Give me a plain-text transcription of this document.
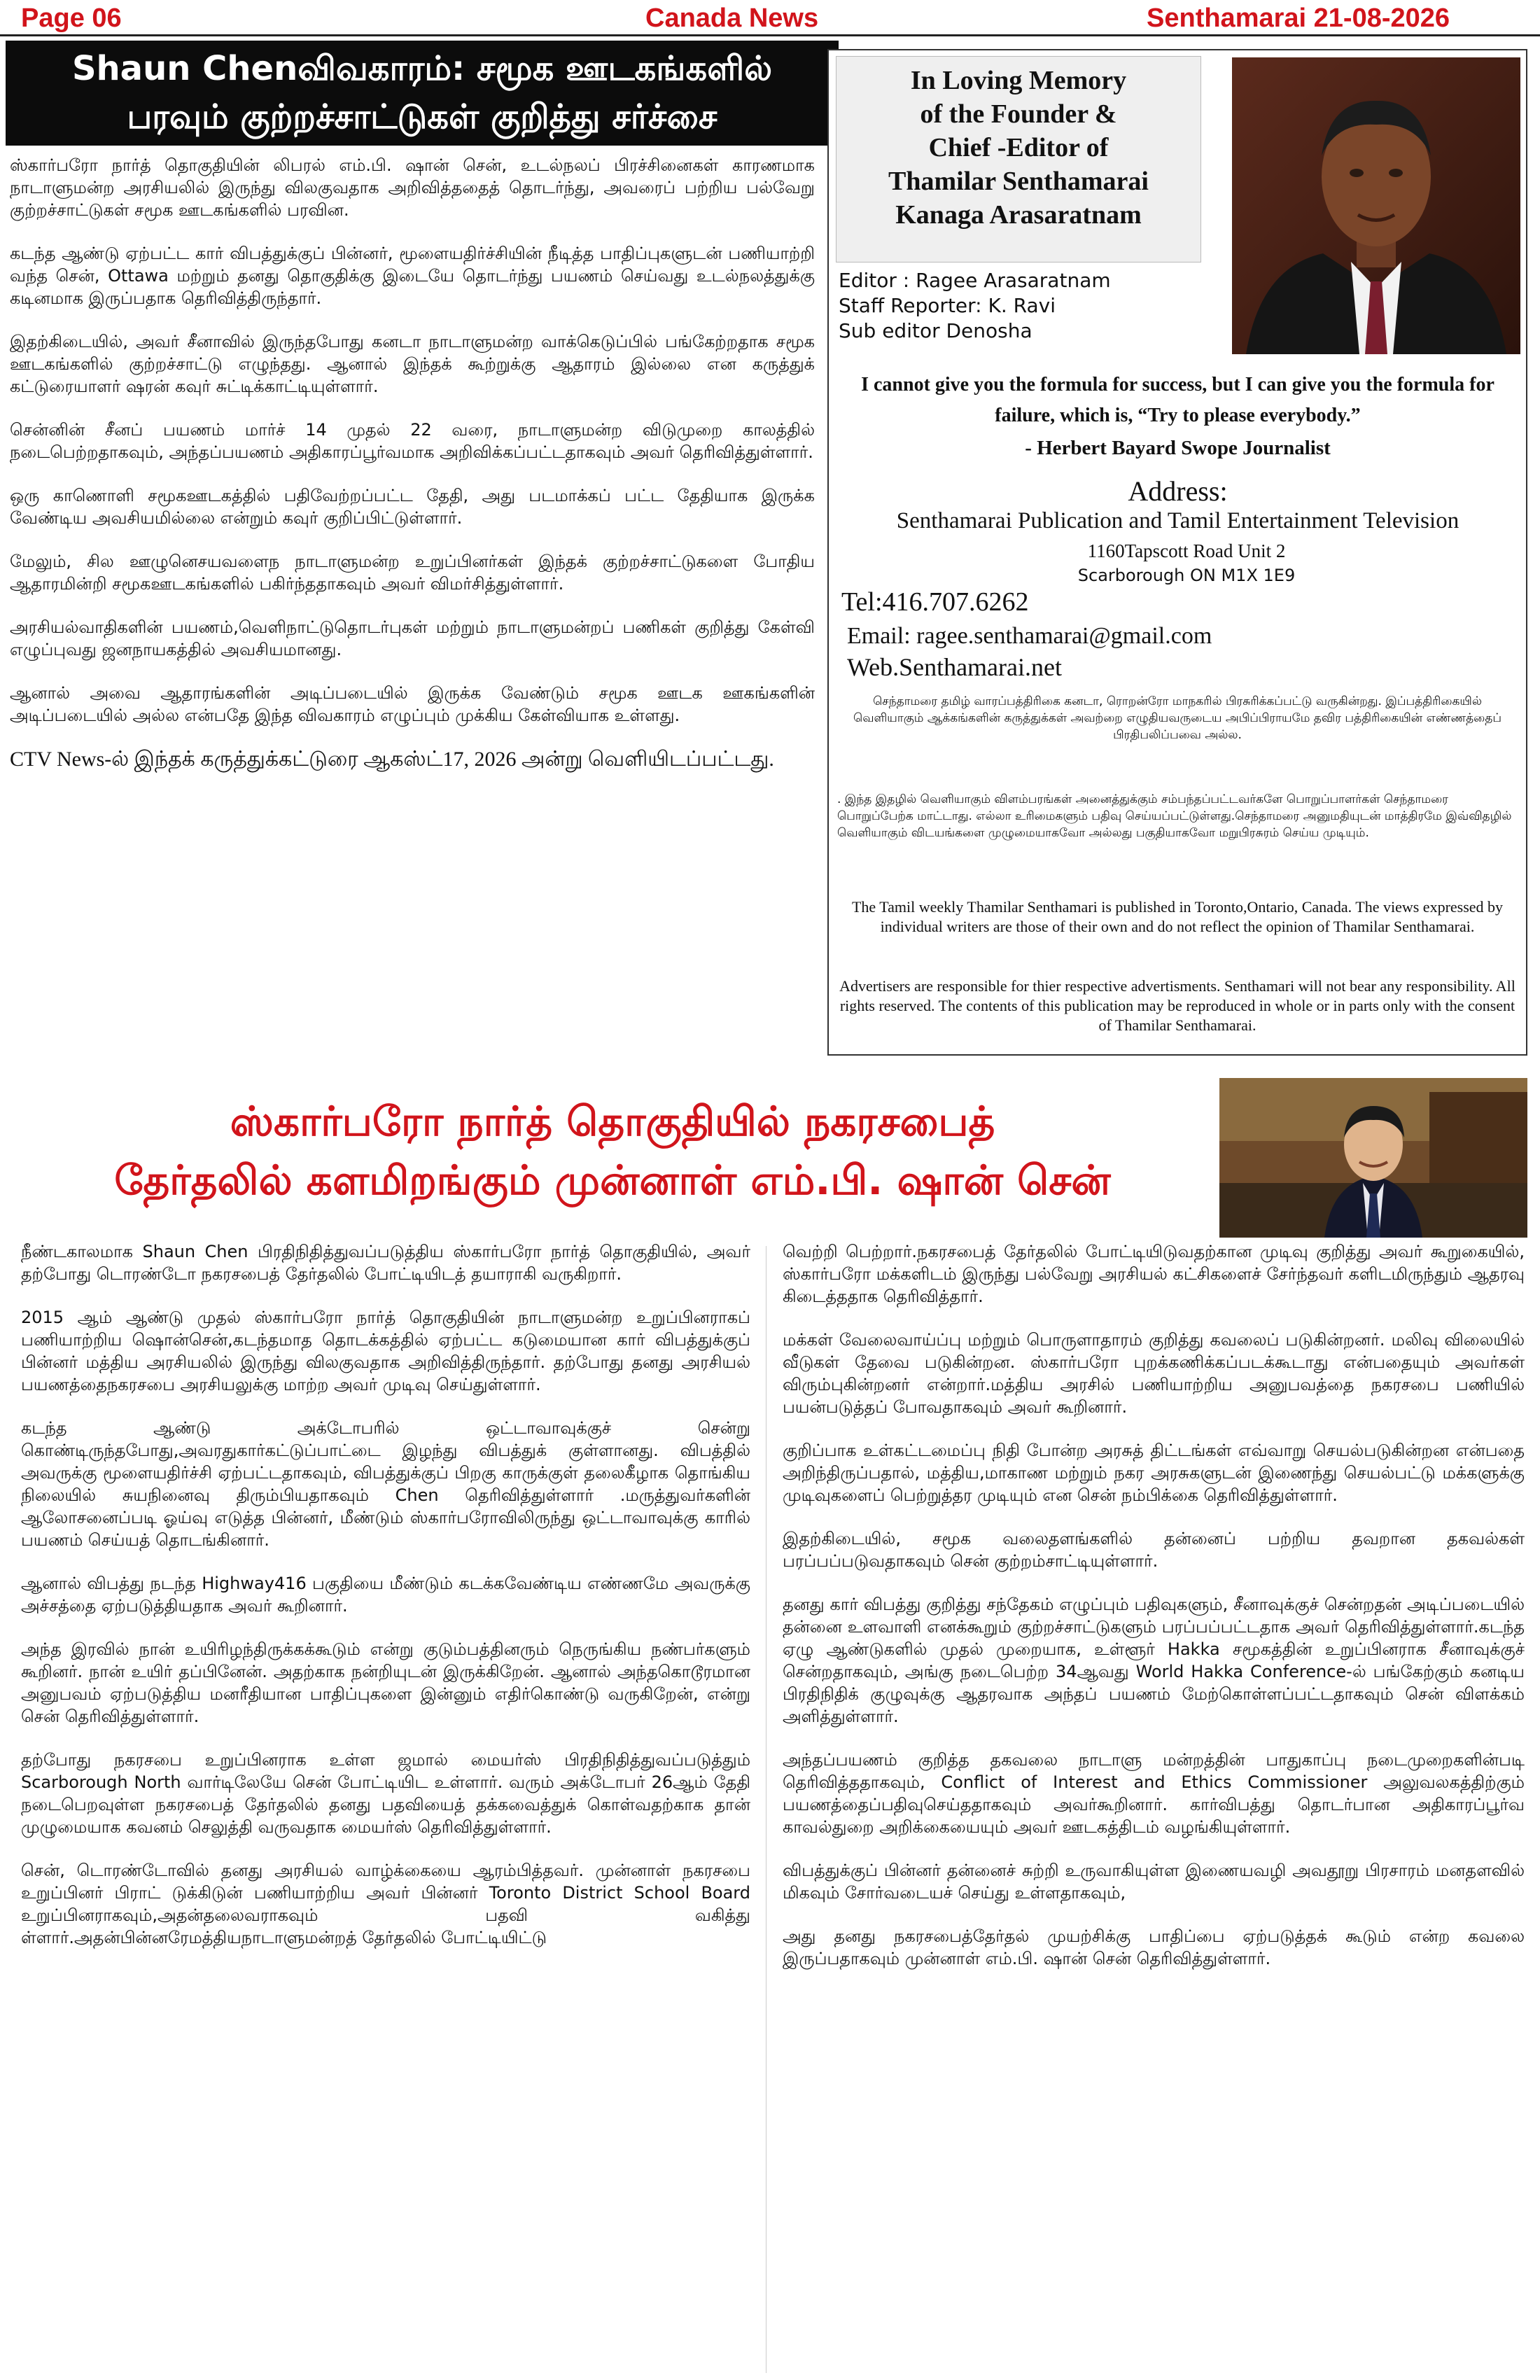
Page 06	Canada News	Senthamarai 21-08-2026
Shaun Chenவிவகாரம்: சமூக ஊடகங்களில்
பரவும் குற்றச்சாட்டுகள் குறித்து சர்ச்சை

ஸ்கார்பரோ நார்த் தொகுதியின் லிபரல் எம்.பி. ஷான் சென், உடல்நலப் பிரச்சினைகள் காரணமாக நாடாளுமன்ற அரசியலில் இருந்து விலகுவதாக அறிவித்ததைத் தொடர்ந்து, அவரைப் பற்றிய பல்வேறு குற்றச்சாட்டுகள் சமூக ஊடகங்களில் பரவின.

கடந்த ஆண்டு ஏற்பட்ட கார் விபத்துக்குப் பின்னர், மூளையதிர்ச்சியின் நீடித்த பாதிப்புகளுடன் பணியாற்றி வந்த சென், Ottawa மற்றும் தனது தொகுதிக்கு இடையே தொடர்ந்து பயணம் செய்வது உடல்நலத்துக்கு கடினமாக இருப்பதாக தெரிவித்திருந்தார்.

இதற்கிடையில், அவர் சீனாவில் இருந்தபோது கனடா நாடாளுமன்ற வாக்கெடுப்பில் பங்கேற்றதாக சமூக ஊடகங்களில் குற்றச்சாட்டு எழுந்தது. ஆனால் இந்தக் கூற்றுக்கு ஆதாரம் இல்லை என கருத்துக் கட்டுரையாளர் ஷரன் கவுர் சுட்டிக்காட்டியுள்ளார்.

சென்னின் சீனப் பயணம் மார்ச் 14 முதல் 22 வரை, நாடாளுமன்ற விடுமுறை காலத்தில் நடைபெற்றதாகவும், அந்தப்பயணம் அதிகாரப்பூர்வமாக அறிவிக்கப்பட்டதாகவும் அவர் தெரிவித்துள்ளார்.

ஒரு காணொளி சமூகஊடகத்தில் பதிவேற்றப்பட்ட தேதி, அது படமாக்கப் பட்ட தேதியாக இருக்க வேண்டிய அவசியமில்லை என்றும் கவுர் குறிப்பிட்டுள்ளார்.

மேலும், சில ஊழுனெசயவளைந நாடாளுமன்ற உறுப்பினர்கள் இந்தக் குற்றச்சாட்டுகளை போதிய ஆதாரமின்றி சமூகஊடகங்களில் பகிர்ந்ததாகவும் அவர் விமர்சித்துள்ளார்.

அரசியல்வாதிகளின் பயணம்,வெளிநாட்டுதொடர்புகள் மற்றும் நாடாளுமன்றப் பணிகள் குறித்து கேள்வி எழுப்புவது ஜனநாயகத்தில் அவசியமானது.

ஆனால் அவை ஆதாரங்களின் அடிப்படையில் இருக்க வேண்டும் சமூக ஊடக ஊகங்களின் அடிப்படையில் அல்ல என்பதே இந்த விவகாரம் எழுப்பும் முக்கிய கேள்வியாக உள்ளது.

CTV News-ல் இந்தக் கருத்துக்கட்டுரை ஆகஸ்ட்17, 2026 அன்று வெளியிடப்பட்டது.

In Loving Memory
of the Founder &
Chief -Editor of
Thamilar Senthamarai
Kanaga Arasaratnam
Editor : Ragee Arasaratnam
Staff Reporter: K. Ravi
Sub editor Denosha
I cannot give you the formula for success, but I can give you the formula for failure, which is, “Try to please everybody.”
- Herbert Bayard Swope Journalist
Address:
Senthamarai Publication and Tamil Entertainment Television
1160Tapscott Road Unit 2
Scarborough ON M1X 1E9
Tel:416.707.6262
Email: ragee.senthamarai@gmail.com
Web.Senthamarai.net
செந்தாமரை தமிழ் வாரப்பத்திரிகை கனடா, ரொறன்ரோ மாநகரில் பிரசுரிக்கப்பட்டு வருகின்றது. இப்பத்திரிகையில் வெளியாகும் ஆக்கங்களின் கருத்துக்கள் அவற்றை எழுதியவருடைய அபிப்பிராயமே தவிர பத்திரிகையின் எண்ணத்தைப் பிரதிபலிப்பவை அல்ல.
. இந்த இதழில் வெளியாகும் விளம்பரங்கள் அனைத்துக்கும் சம்பந்தப்பட்டவர்களே பொறுப்பாளர்கள் செந்தாமரை பொறுப்பேற்க மாட்டாது. எல்லா உரிமைகளும் பதிவு செய்யப்பட்டுள்ளது.செந்தாமரை அனுமதியுடன் மாத்திரமே இவ்விதழில் வெளியாகும் விடயங்களை முழுமையாகவோ அல்லது பகுதியாகவோ மறுபிரசுரம் செய்ய முடியும்.
The Tamil weekly Thamilar Senthamari is published in Toronto,Ontario, Canada. The views expressed by individual writers are those of their own and do not reflect the opinion of Thamilar Senthamarai.
Advertisers are responsible for thier respective advertisments. Senthamari will not bear any responsibility. All rights reserved. The contents of this publication may be reproduced in whole or in parts only with the consent of Thamilar Senthamarai.
ஸ்கார்பரோ நார்த் தொகுதியில் நகரசபைத்
தேர்தலில் களமிறங்கும் முன்னாள் எம்.பி. ஷான் சென்

நீண்டகாலமாக Shaun Chen பிரதிநிதித்துவப்படுத்திய ஸ்கார்பரோ நார்த் தொகுதியில், அவர் தற்போது டொரண்டோ நகரசபைத் தேர்தலில் போட்டியிடத் தயாராகி வருகிறார்.

2015 ஆம் ஆண்டு முதல் ஸ்கார்பரோ நார்த் தொகுதியின் நாடாளுமன்ற உறுப்பினராகப் பணியாற்றிய ஷொன்சென்,கடந்தமாத தொடக்கத்தில் ஏற்பட்ட கடுமையான கார் விபத்துக்குப் பின்னர் மத்திய அரசியலில் இருந்து விலகுவதாக அறிவித்திருந்தார். தற்போது தனது அரசியல் பயணத்தைநகரசபை அரசியலுக்கு மாற்ற அவர் முடிவு செய்துள்ளார்.

கடந்த ஆண்டு அக்டோபரில் ஒட்டாவாவுக்குச் சென்று கொண்டிருந்தபோது,அவரதுகார்கட்டுப்பாட்டை இழந்து விபத்துக் குள்ளானது. விபத்தில் அவருக்கு மூளையதிர்ச்சி ஏற்பட்டதாகவும், விபத்துக்குப் பிறகு காருக்குள் தலைகீழாக தொங்கிய நிலையில் சுயநினைவு திரும்பியதாகவும் Chen தெரிவித்துள்ளார் .மருத்துவர்களின் ஆலோசனைப்படி ஓய்வு எடுத்த பின்னர், மீண்டும் ஸ்கார்பரோவிலிருந்து ஒட்டாவாவுக்கு காரில் பயணம் செய்யத் தொடங்கினார்.

ஆனால் விபத்து நடந்த Highway416 பகுதியை மீண்டும் கடக்கவேண்டிய எண்ணமே அவருக்கு அச்சத்தை ஏற்படுத்தியதாக அவர் கூறினார்.

அந்த இரவில் நான் உயிரிழந்திருக்கக்கூடும் என்று குடும்பத்தினரும் நெருங்கிய நண்பர்களும் கூறினர். நான் உயிர் தப்பினேன். அதற்காக நன்றியுடன் இருக்கிறேன். ஆனால் அந்தகொடூரமான அனுபவம் ஏற்படுத்திய மனரீதியான பாதிப்புகளை இன்னும் எதிர்கொண்டு வருகிறேன், என்று சென் தெரிவித்துள்ளார்.

தற்போது நகரசபை உறுப்பினராக உள்ள ஜமால் மையர்ஸ் பிரதிநிதித்துவப்படுத்தும் Scarborough North வார்டிலேயே சென் போட்டியிட உள்ளார். வரும் அக்டோபர் 26ஆம் தேதி நடைபெறவுள்ள நகரசபைத் தேர்தலில் தனது பதவியைத் தக்கவைத்துக் கொள்வதற்காக தான் முழுமையாக கவனம் செலுத்தி வருவதாக மையர்ஸ் தெரிவித்துள்ளார்.

சென், டொரண்டோவில் தனது அரசியல் வாழ்க்கையை ஆரம்பித்தவர். முன்னாள் நகரசபை உறுப்பினர் பிராட் டுக்கிடுன் பணியாற்றிய அவர் பின்னர் Toronto District School Board உறுப்பினராகவும்,அதன்தலைவராகவும் பதவி வகித்து ள்ளார்.அதன்பின்னரேமத்தியநாடாளுமன்றத் தேர்தலில் போட்டியிட்டு

வெற்றி பெற்றார்.நகரசபைத் தேர்தலில் போட்டியிடுவதற்கான முடிவு குறித்து அவர் கூறுகையில், ஸ்கார்பரோ மக்களிடம் இருந்து பல்வேறு அரசியல் கட்சிகளைச் சேர்ந்தவர் களிடமிருந்தும் ஆதரவு கிடைத்ததாக தெரிவித்தார்.

மக்கள் வேலைவாய்ப்பு மற்றும் பொருளாதாரம் குறித்து கவலைப் படுகின்றனர். மலிவு விலையில் வீடுகள் தேவை படுகின்றன. ஸ்கார்பரோ புறக்கணிக்கப்படக்கூடாது என்பதையும் அவர்கள் விரும்புகின்றனர் என்றார்.மத்திய அரசில் பணியாற்றிய அனுபவத்தை நகரசபை பணியில் பயன்படுத்தப் போவதாகவும் அவர் கூறினார்.

குறிப்பாக உள்கட்டமைப்பு நிதி போன்ற அரசுத் திட்டங்கள் எவ்வாறு செயல்படுகின்றன என்பதை அறிந்திருப்பதால், மத்திய,மாகாண மற்றும் நகர அரசுகளுடன் இணைந்து செயல்பட்டு மக்களுக்கு முடிவுகளைப் பெற்றுத்தர முடியும் என சென் நம்பிக்கை தெரிவித்துள்ளார்.

இதற்கிடையில், சமூக வலைதளங்களில் தன்னைப் பற்றிய தவறான தகவல்கள் பரப்பப்படுவதாகவும் சென் குற்றம்சாட்டியுள்ளார்.

தனது கார் விபத்து குறித்து சந்தேகம் எழுப்பும் பதிவுகளும், சீனாவுக்குச் சென்றதன் அடிப்படையில் தன்னை உளவாளி எனக்கூறும் குற்றச்சாட்டுகளும் பரப்பப்பட்டதாக அவர் தெரிவித்துள்ளார்.கடந்த ஏழு ஆண்டுகளில் முதல் முறையாக, உள்ளூர் Hakka சமூகத்தின் உறுப்பினராக சீனாவுக்குச் சென்றதாகவும், அங்கு நடைபெற்ற 34ஆவது World Hakka Conference-ல் பங்கேற்கும் கனடிய பிரதிநிதிக் குழுவுக்கு ஆதரவாக அந்தப் பயணம் மேற்கொள்ளப்பட்டதாகவும் சென் விளக்கம் அளித்துள்ளார்.

அந்தப்பயணம் குறித்த தகவலை நாடாளு மன்றத்தின் பாதுகாப்பு நடைமுறைகளின்படி தெரிவித்ததாகவும், Conflict of Interest and Ethics Commissioner அலுவலகத்திற்கும் பயணத்தைப்பதிவுசெய்ததாகவும் அவர்கூறினார். கார்விபத்து தொடர்பான அதிகாரப்பூர்வ காவல்துறை அறிக்கையையும் அவர் ஊடகத்திடம் வழங்கியுள்ளார்.

விபத்துக்குப் பின்னர் தன்னைச் சுற்றி உருவாகியுள்ள இணையவழி அவதூறு பிரசாரம் மனதளவில் மிகவும் சோர்வடையச் செய்து உள்ளதாகவும்,

அது தனது நகரசபைத்தேர்தல் முயற்சிக்கு பாதிப்பை ஏற்படுத்தக் கூடும் என்ற கவலை இருப்பதாகவும் முன்னாள் எம்.பி. ஷான் சென் தெரிவித்துள்ளார்.
